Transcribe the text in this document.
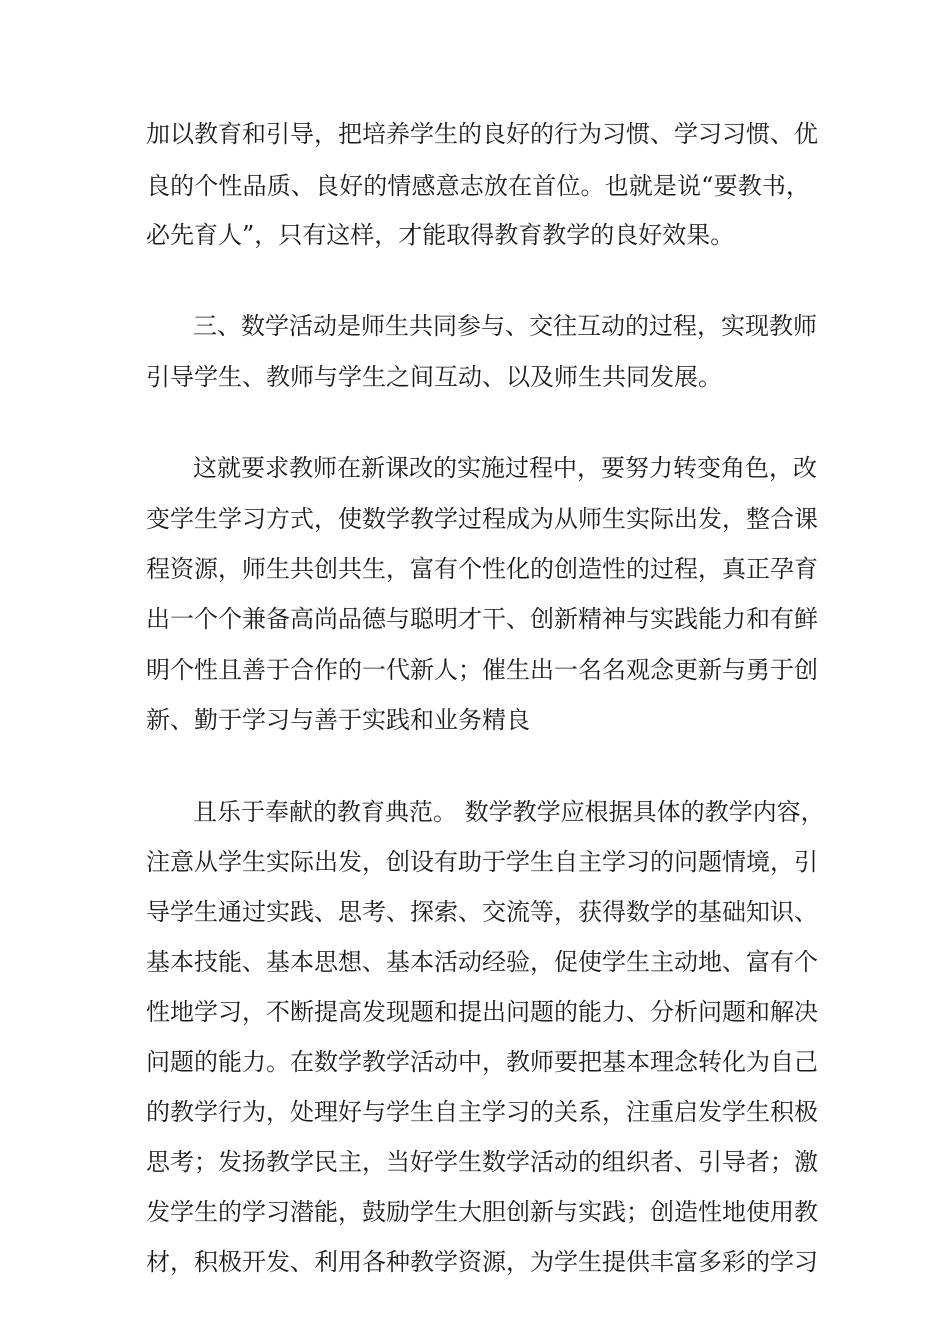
加以教育和引导，把培养学生的良好的行为习惯、学习习惯、优

良的个性品质、良好的情感意志放在首位。也就是说“要教书，

必先育人”，只有这样，才能取得教育教学的良好效果。

三、数学活动是师生共同参与、交往互动的过程，实现教师

引导学生、教师与学生之间互动、以及师生共同发展。

这就要求教师在新课改的实施过程中，要努力转变角色，改

变学生学习方式，使数学教学过程成为从师生实际出发，整合课

程资源，师生共创共生，富有个性化的创造性的过程，真正孕育

出一个个兼备高尚品德与聪明才干、创新精神与实践能力和有鲜

明个性且善于合作的一代新人；催生出一名名观念更新与勇于创

新、勤于学习与善于实践和业务精良

且乐于奉献的教育典范。 数学教学应根据具体的教学内容，

注意从学生实际出发，创设有助于学生自主学习的问题情境，引

导学生通过实践、思考、探索、交流等，获得数学的基础知识、

基本技能、基本思想、基本活动经验，促使学生主动地、富有个

性地学习，不断提高发现题和提出问题的能力、分析问题和解决

问题的能力。在数学教学活动中，教师要把基本理念转化为自己

的教学行为，处理好与学生自主学习的关系，注重启发学生积极

思考；发扬教学民主，当好学生数学活动的组织者、引导者；激

发学生的学习潜能，鼓励学生大胆创新与实践；创造性地使用教

材，积极开发、利用各种教学资源，为学生提供丰富多彩的学习
